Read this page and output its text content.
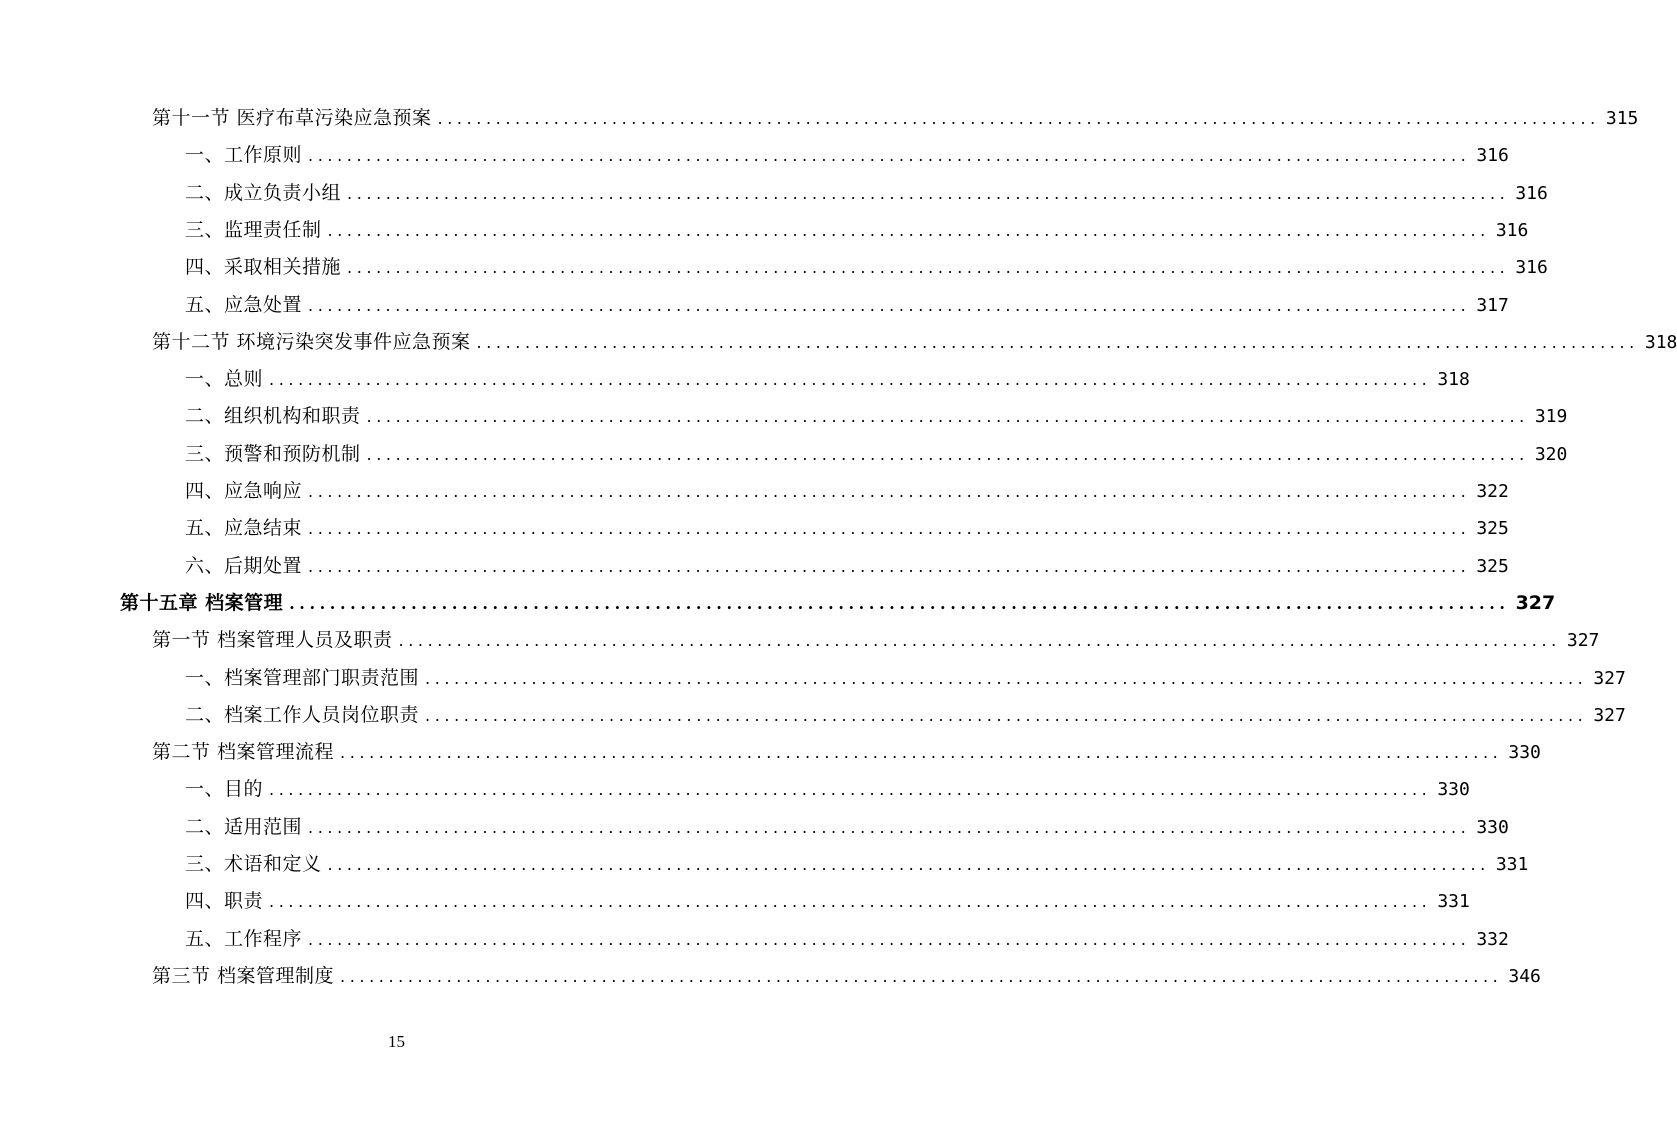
第十一节 医疗布草污染应急预案 ........................................................................................................................ 315
一、工作原则 ........................................................................................................................ 316
二、成立负责小组 ........................................................................................................................ 316
三、监理责任制 ........................................................................................................................ 316
四、采取相关措施 ........................................................................................................................ 316
五、应急处置 ........................................................................................................................ 317
第十二节 环境污染突发事件应急预案 ........................................................................................................................ 318
一、总则 ........................................................................................................................ 318
二、组织机构和职责 ........................................................................................................................ 319
三、预警和预防机制 ........................................................................................................................ 320
四、应急响应 ........................................................................................................................ 322
五、应急结束 ........................................................................................................................ 325
六、后期处置 ........................................................................................................................ 325
第十五章 档案管理 ........................................................................................................................ 327
第一节 档案管理人员及职责 ........................................................................................................................ 327
一、档案管理部门职责范围 ........................................................................................................................ 327
二、档案工作人员岗位职责 ........................................................................................................................ 327
第二节 档案管理流程 ........................................................................................................................ 330
一、目的 ........................................................................................................................ 330
二、适用范围 ........................................................................................................................ 330
三、术语和定义 ........................................................................................................................ 331
四、职责 ........................................................................................................................ 331
五、工作程序 ........................................................................................................................ 332
第三节 档案管理制度 ........................................................................................................................ 346
15
